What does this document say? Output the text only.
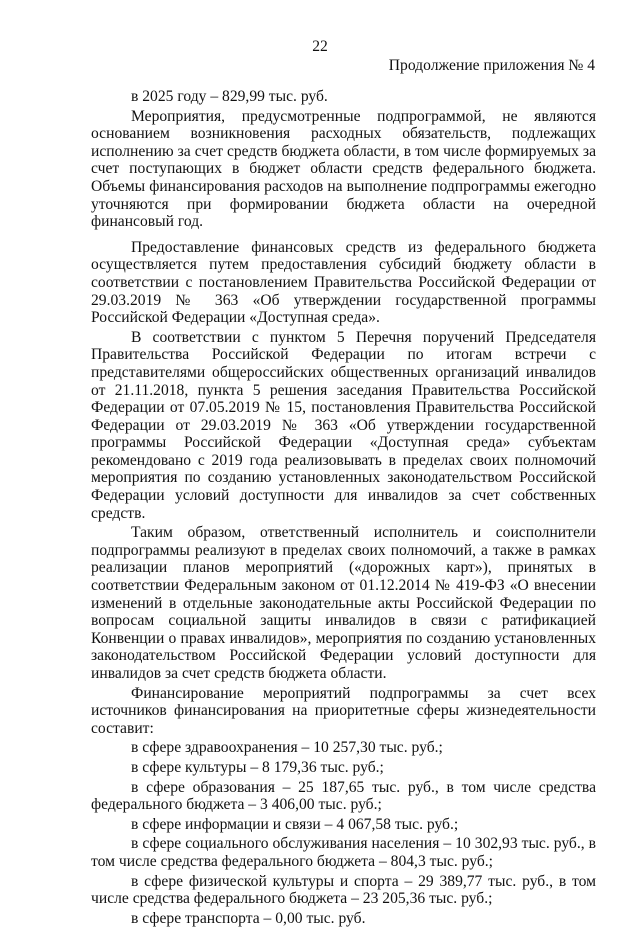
22
Продолжение приложения № 4

в 2025 году – 829,99 тыс. руб.

Мероприятия, предусмотренные подпрограммой, не являются основанием возникновения расходных обязательств, подлежащих исполнению за счет средств бюджета области, в том числе формируемых за счет поступающих в бюджет области средств федерального бюджета. Объемы финансирования расходов на выполнение подпрограммы ежегодно уточняются при формировании бюджета области на очередной финансовый год.

Предоставление финансовых средств из федерального бюджета осуществляется путем предоставления субсидий бюджету области в соответствии с постановлением Правительства Российской Федерации от 29.03.2019 № 363 «Об утверждении государственной программы Российской Федерации «Доступная среда».

В соответствии с пунктом 5 Перечня поручений Председателя Правительства Российской Федерации по итогам встречи с представителями общероссийских общественных организаций инвалидов от 21.11.2018, пункта 5 решения заседания Правительства Российской Федерации от 07.05.2019 № 15, постановления Правительства Российской Федерации от 29.03.2019 № 363 «Об утверждении государственной программы Российской Федерации «Доступная среда» субъектам рекомендовано с 2019 года реализовывать в пределах своих полномочий мероприятия по созданию установленных законодательством Российской Федерации условий доступности для инвалидов за счет собственных средств.

Таким образом, ответственный исполнитель и соисполнители подпрограммы реализуют в пределах своих полномочий, а также в рамках реализации планов мероприятий («дорожных карт»), принятых в соответствии Федеральным законом от 01.12.2014 № 419-ФЗ «О внесении изменений в отдельные законодательные акты Российской Федерации по вопросам социальной защиты инвалидов в связи с ратификацией Конвенции о правах инвалидов», мероприятия по созданию установленных законодательством Российской Федерации условий доступности для инвалидов за счет средств бюджета области.

Финансирование мероприятий подпрограммы за счет всех источников финансирования на приоритетные сферы жизнедеятельности составит:

в сфере здравоохранения – 10 257,30 тыс. руб.;

в сфере культуры – 8 179,36 тыс. руб.;

в сфере образования – 25 187,65 тыс. руб., в том числе средства федерального бюджета – 3 406,00 тыс. руб.;

в сфере информации и связи – 4 067,58 тыс. руб.;

в сфере социального обслуживания населения – 10 302,93 тыс. руб., в том числе средства федерального бюджета – 804,3 тыс. руб.;

в сфере физической культуры и спорта – 29 389,77 тыс. руб., в том числе средства федерального бюджета – 23 205,36 тыс. руб.;

в сфере транспорта – 0,00 тыс. руб.
